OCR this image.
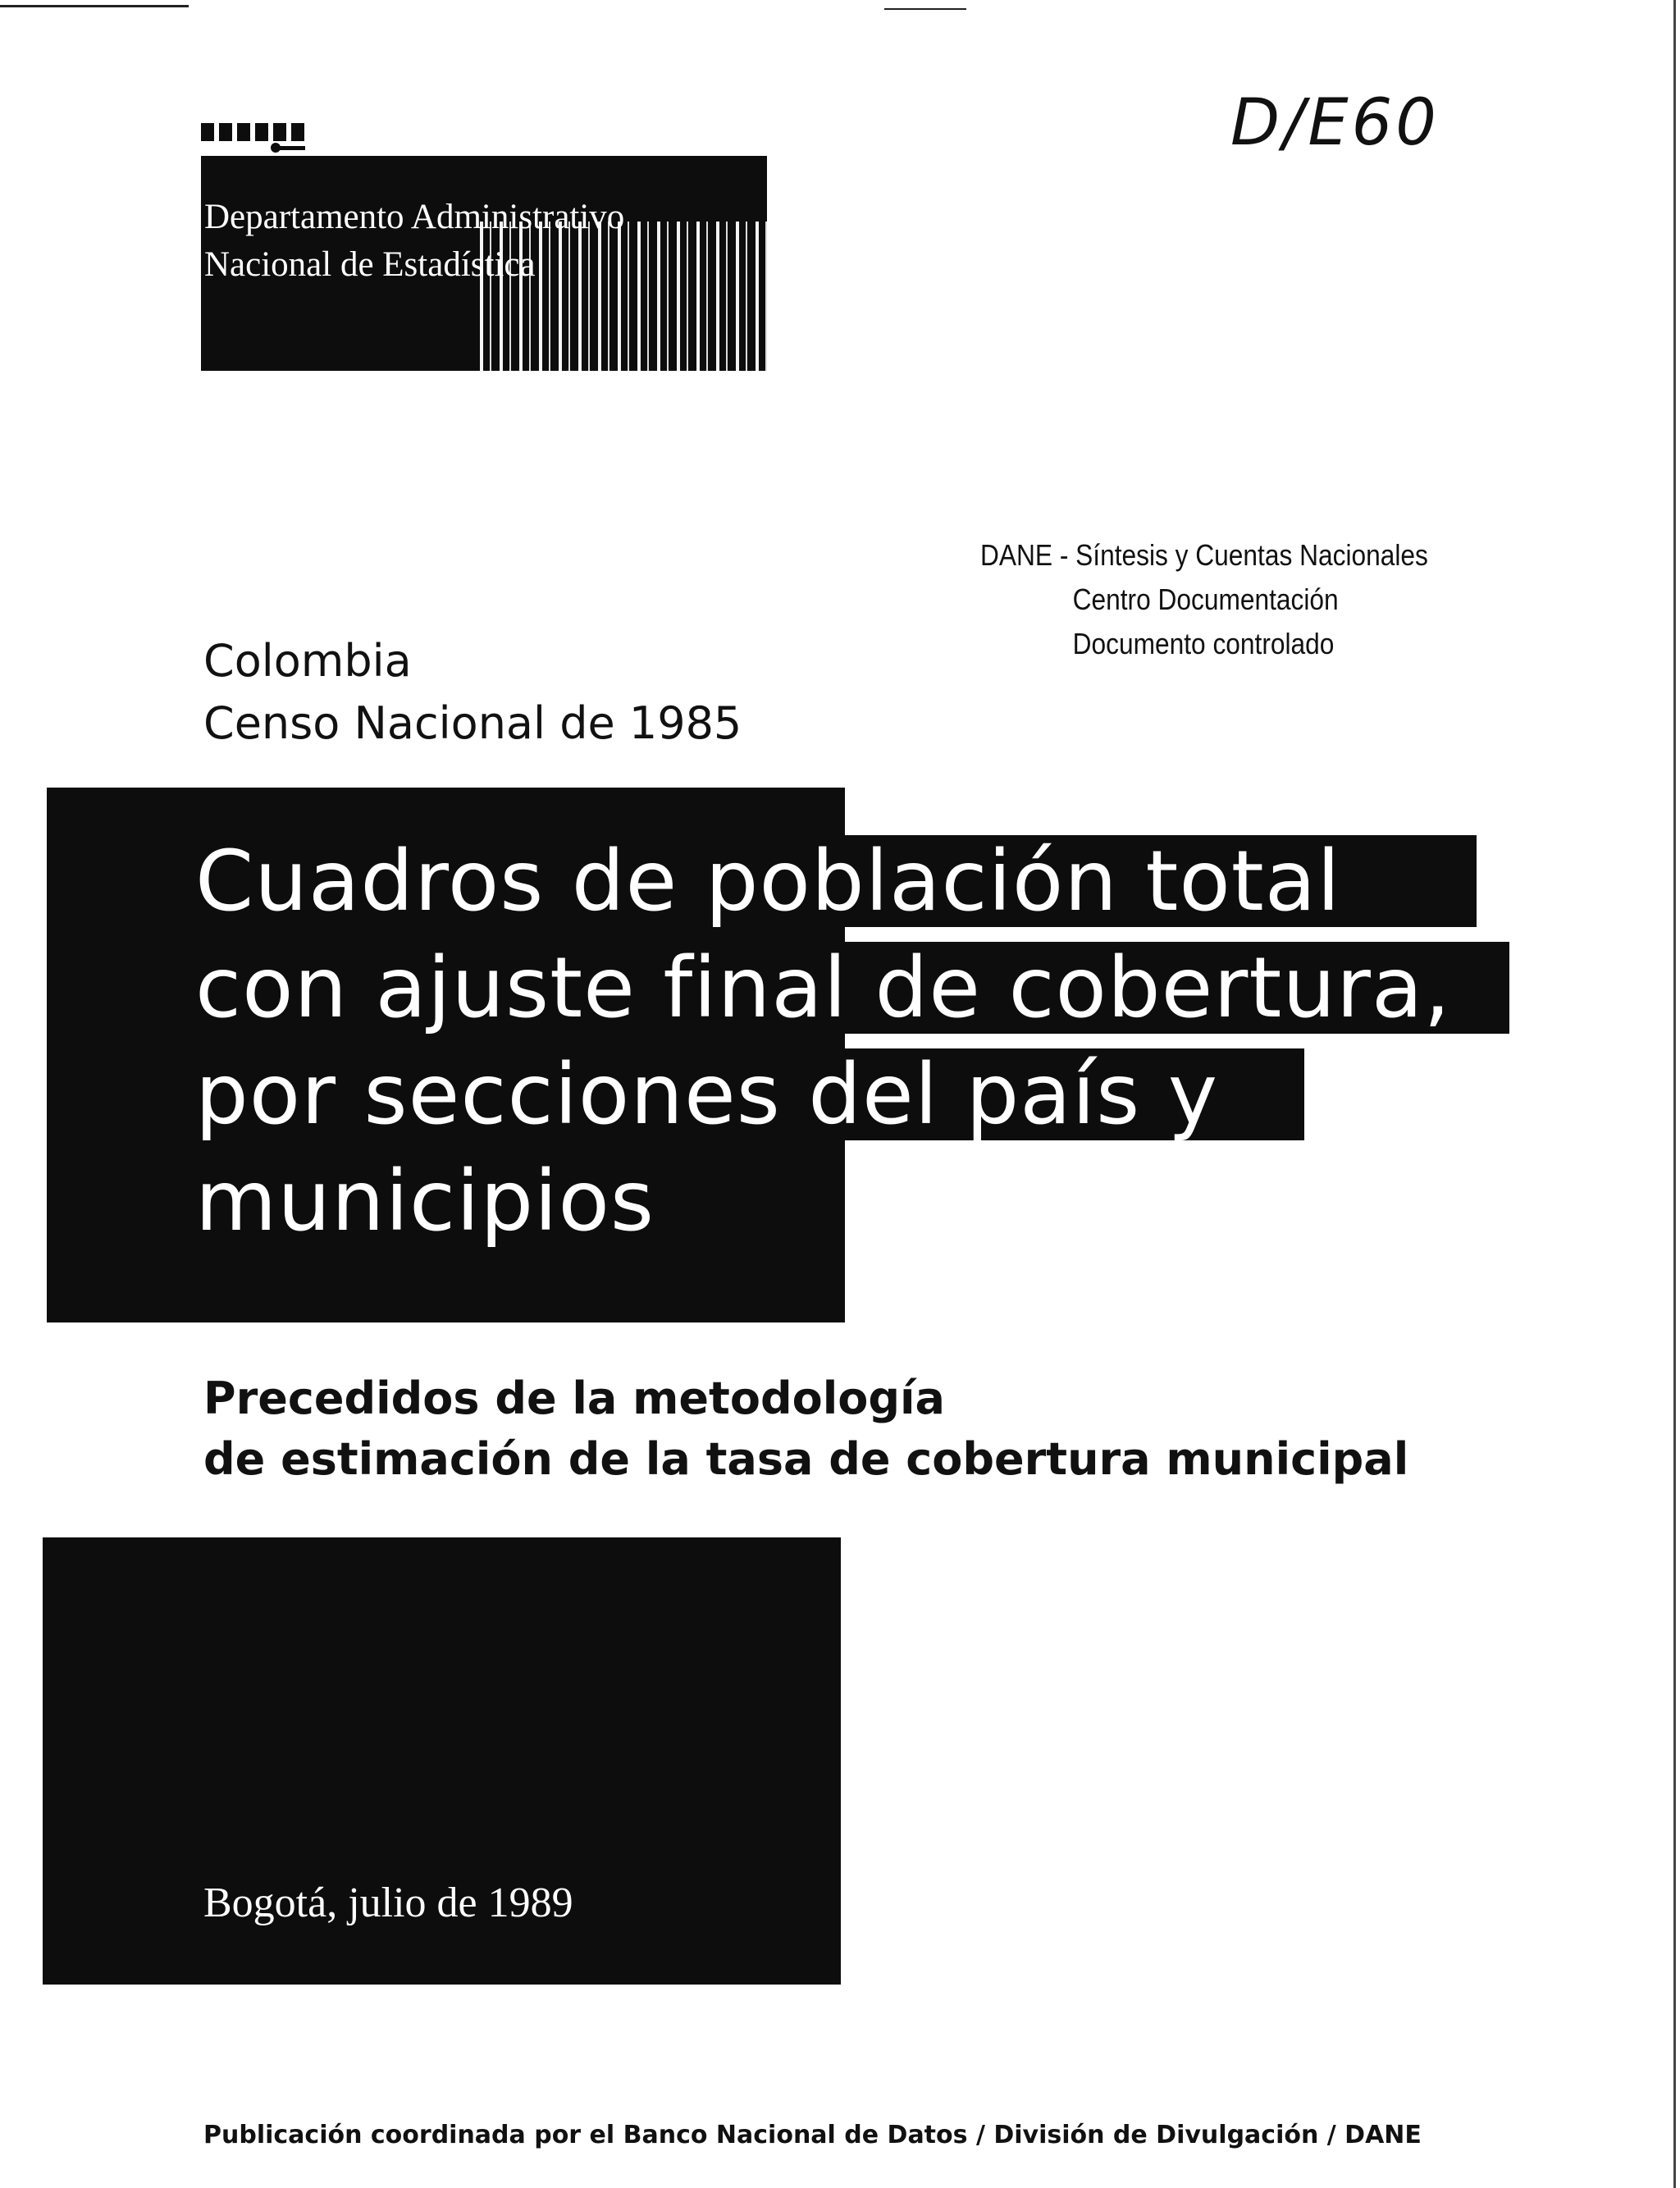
Departamento Administrativo
Nacional de Estadística
D/E60
DANE - Síntesis y Cuentas Nacionales
Centro Documentación
Documento controlado
Colombia
Censo Nacional de 1985
Cuadros de población total
con ajuste final de cobertura,
por secciones del país y
municipios
Precedidos de la metodología
de estimación de la tasa de cobertura municipal
Bogotá, julio de 1989
Publicación coordinada por el Banco Nacional de Datos / División de Divulgación / DANE
